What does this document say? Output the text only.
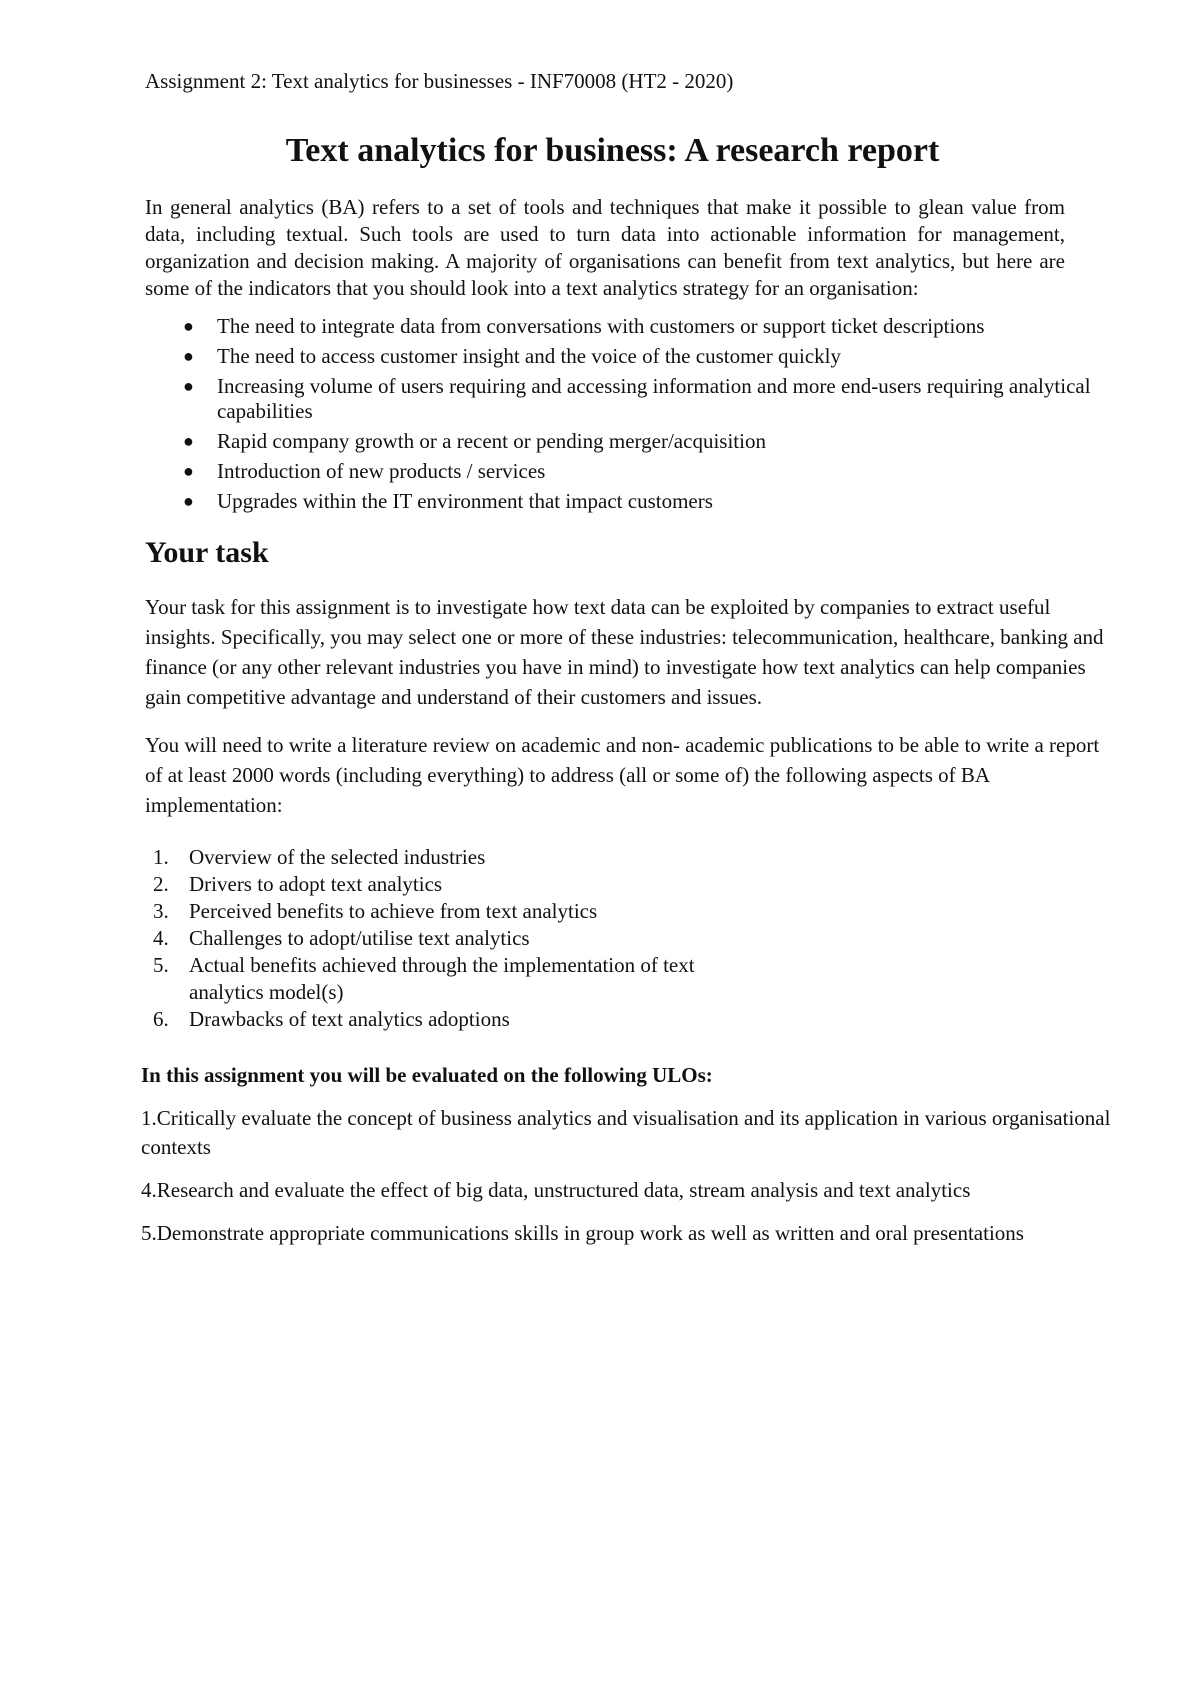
Assignment 2: Text analytics for businesses - INF70008 (HT2 - 2020)
Text analytics for business: A research report

In general analytics (BA) refers to a set of tools and techniques that make it possible to glean value from data, including textual. Such tools are used to turn data into actionable information for management, organization and decision making. A majority of organisations can benefit from text analytics, but here are some of the indicators that you should look into a text analytics strategy for an organisation:

● The need to integrate data from conversations with customers or support ticket descriptions
● The need to access customer insight and the voice of the customer quickly
● Increasing volume of users requiring and accessing information and more end-users requiring analytical capabilities
● Rapid company growth or a recent or pending merger/acquisition
● Introduction of new products / services
● Upgrades within the IT environment that impact customers
Your task

Your task for this assignment is to investigate how text data can be exploited by companies to extract useful insights. Specifically, you may select one or more of these industries: telecommunication, healthcare, banking and finance (or any other relevant industries you have in mind) to investigate how text analytics can help companies gain competitive advantage and understand of their customers and issues.

You will need to write a literature review on academic and non- academic publications to be able to write a report of at least 2000 words (including everything) to address (all or some of) the following aspects of BA implementation:

1. Overview of the selected industries
2. Drivers to adopt text analytics
3. Perceived benefits to achieve from text analytics
4. Challenges to adopt/utilise text analytics
5. Actual benefits achieved through the implementation of text analytics model(s)
6. Drawbacks of text analytics adoptions
In this assignment you will be evaluated on the following ULOs:

1.Critically evaluate the concept of business analytics and visualisation and its application in various organisational contexts

4.Research and evaluate the effect of big data, unstructured data, stream analysis and text analytics

5.Demonstrate appropriate communications skills in group work as well as written and oral presentations
